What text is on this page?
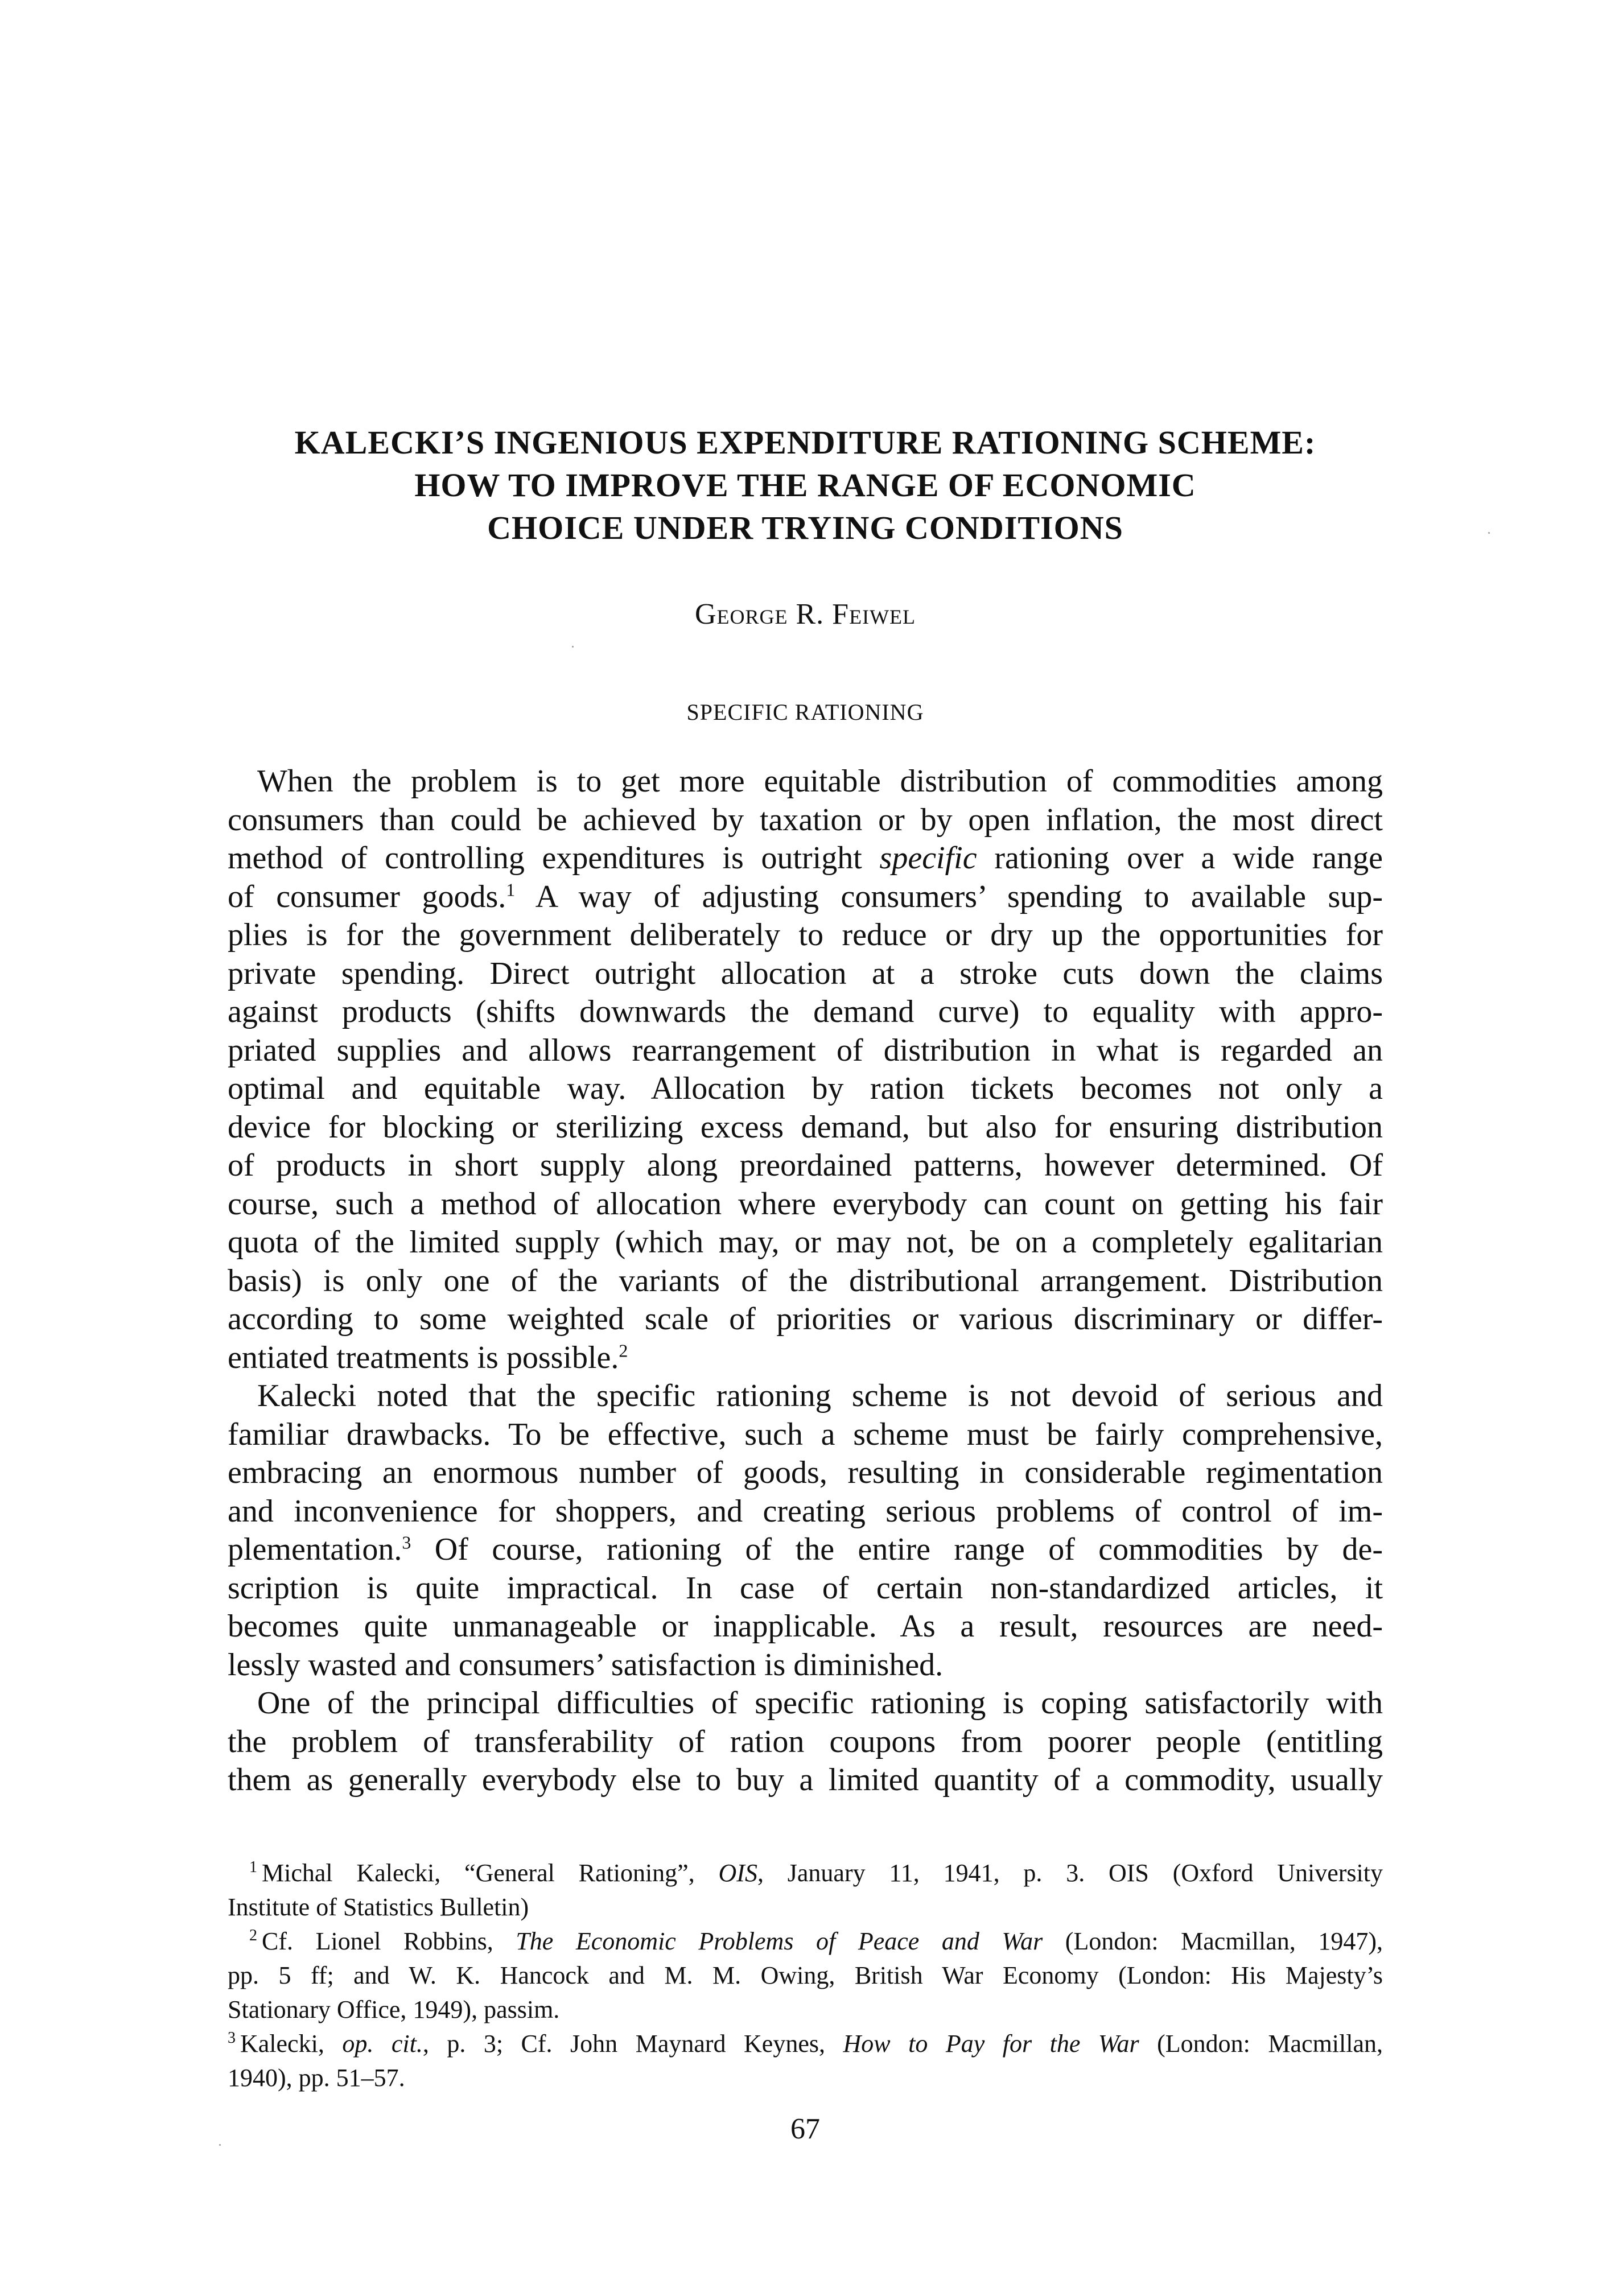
KALECKI’S INGENIOUS EXPENDITURE RATIONING SCHEME:
HOW TO IMPROVE THE RANGE OF ECONOMIC
CHOICE UNDER TRYING CONDITIONS
George R. Feiwel
SPECIFIC RATIONING
When the problem is to get more equitable distribution of commodities among
consumers than could be achieved by taxation or by open inflation, the most direct
method of controlling expenditures is outright specific rationing over a wide range
of consumer goods.$^1$ A way of adjusting consumers’ spending to available sup-
plies is for the government deliberately to reduce or dry up the opportunities for
private spending. Direct outright allocation at a stroke cuts down the claims
against products (shifts downwards the demand curve) to equality with appro-
priated supplies and allows rearrangement of distribution in what is regarded an
optimal and equitable way. Allocation by ration tickets becomes not only a
device for blocking or sterilizing excess demand, but also for ensuring distribution
of products in short supply along preordained patterns, however determined. Of
course, such a method of allocation where everybody can count on getting his fair
quota of the limited supply (which may, or may not, be on a completely egalitarian
basis) is only one of the variants of the distributional arrangement. Distribution
according to some weighted scale of priorities or various discriminary or differ-
entiated treatments is possible.$^2$
Kalecki noted that the specific rationing scheme is not devoid of serious and
familiar drawbacks. To be effective, such a scheme must be fairly comprehensive,
embracing an enormous number of goods, resulting in considerable regimentation
and inconvenience for shoppers, and creating serious problems of control of im-
plementation.$^3$ Of course, rationing of the entire range of commodities by de-
scription is quite impractical. In case of certain non-standardized articles, it
becomes quite unmanageable or inapplicable. As a result, resources are need-
lessly wasted and consumers’ satisfaction is diminished.
One of the principal difficulties of specific rationing is coping satisfactorily with
the problem of transferability of ration coupons from poorer people (entitling
them as generally everybody else to buy a limited quantity of a commodity, usually
$^1$ Michal Kalecki, “General Rationing”, OIS, January 11, 1941, p. 3. OIS (Oxford University
Institute of Statistics Bulletin)
$^2$ Cf. Lionel Robbins, The Economic Problems of Peace and War (London: Macmillan, 1947),
pp. 5 ff; and W. K. Hancock and M. M. Owing, British War Economy (London: His Majesty’s
Stationary Office, 1949), passim.
$^3$ Kalecki, op. cit., p. 3; Cf. John Maynard Keynes, How to Pay for the War (London: Macmillan,
1940), pp. 51–57.
67
